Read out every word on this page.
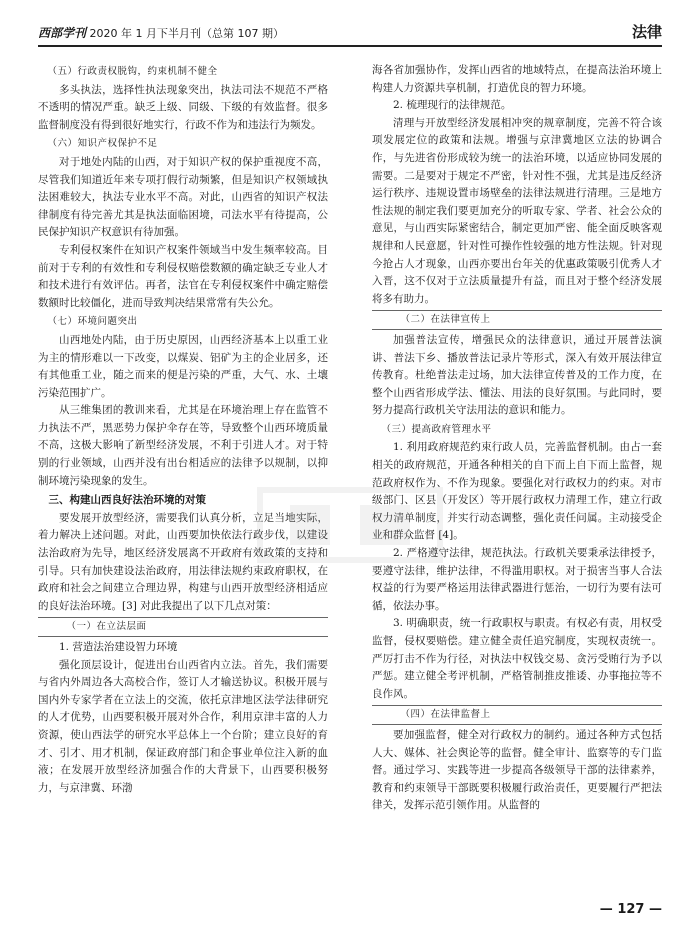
西部学刊 2020 年 1 月下半月刊（总第 107 期）	法律

（五）行政责权脱钩，约束机制不健全

多头执法，选择性执法现象突出，执法司法不规范不严格不透明的情况严重。缺乏上级、同级、下级的有效监督。很多监督制度没有得到很好地实行，行政不作为和违法行为频发。

（六）知识产权保护不足

对于地处内陆的山西，对于知识产权的保护重视度不高，尽管我们知道近年来专项打假行动频繁，但是知识产权领域执法困难较大，执法专业水平不高。对此，山西省的知识产权法律制度有待完善尤其是执法面临困境，司法水平有待提高，公民保护知识产权意识有待加强。

专利侵权案件在知识产权案件领域当中发生频率较高。目前对于专利的有效性和专利侵权赔偿数额的确定缺乏专业人才和技术进行有效评估。再者，法官在专利侵权案件中确定赔偿数额时比较僵化，进而导致判决结果常常有失公允。

（七）环境问题突出

山西地处内陆，由于历史原因，山西经济基本上以重工业为主的情形难以一下改变，以煤炭、铝矿为主的企业居多，还有其他重工业，随之而来的便是污染的严重，大气、水、土壤污染范围扩广。

从三维集团的教训来看，尤其是在环境治理上存在监管不力执法不严，黑恶势力保护伞存在等，导致整个山西环境质量不高，这极大影响了新型经济发展，不利于引进人才。对于特别的行业领域，山西并没有出台相适应的法律予以规制，以抑制环境污染现象的发生。

三、构建山西良好法治环境的对策

要发展开放型经济，需要我们认真分析，立足当地实际，着力解决上述问题。对此，山西要加快依法行政步伐，以建设法治政府为先导，地区经济发展离不开政府有效政策的支持和引导。只有加快建设法治政府，用法律法规约束政府职权，在政府和社会之间建立合理边界，构建与山西开放型经济相适应的良好法治环境。[3] 对此我提出了以下几点对策：

（一）在立法层面

1. 营造法治建设智力环境

强化顶层设计，促进出台山西省内立法。首先，我们需要与省内外周边各大高校合作，签订人才输送协议。积极开展与国内外专家学者在立法上的交流，依托京津地区法学法律研究的人才优势，山西要积极开展对外合作，利用京津丰富的人力资源，使山西法学的研究水平总体上一个台阶；建立良好的育才、引才、用才机制，保证政府部门和企事业单位注入新的血液；在发展开放型经济加强合作的大背景下，山西要积极努力，与京津冀、环渤

海各省加强协作，发挥山西省的地域特点，在提高法治环境上构建人力资源共享机制，打造优良的智力环境。

2. 梳理现行的法律规范。

清理与开放型经济发展相冲突的规章制度，完善不符合该项发展定位的政策和法规。增强与京津冀地区立法的协调合作，与先进省份形成较为统一的法治环境，以适应协同发展的需要。二是要对于规定不严密，针对性不强，尤其是违反经济运行秩序、违规设置市场壁垒的法律法规进行清理。三是地方性法规的制定我们要更加充分的听取专家、学者、社会公众的意见，与山西实际紧密结合，制定更加严密、能全面反映客观规律和人民意愿，针对性可操作性较强的地方性法规。针对现今抢占人才现象，山西亦要出台年关的优惠政策吸引优秀人才入晋，这不仅对于立法质量提升有益，而且对于整个经济发展将多有助力。

（二）在法律宣传上

加强普法宣传，增强民众的法律意识，通过开展普法演讲、普法下乡、播放普法记录片等形式，深入有效开展法律宣传教育。杜绝普法走过场，加大法律宣传普及的工作力度，在整个山西省形成学法、懂法、用法的良好氛围。与此同时，要努力提高行政机关守法用法的意识和能力。

（三）提高政府管理水平

1. 利用政府规范约束行政人员，完善监督机制。由占一套相关的政府规范，开通各种相关的自下而上自下而上监督，规范政府权作为、不作为现象。要强化对行政权力的约束。对市级部门、区县（开发区）等开展行政权力清理工作，建立行政权力清单制度，并实行动态调整，强化责任问属。主动接受企业和群众监督 [4]。

2. 严格遵守法律，规范执法。行政机关要秉承法律授予，要遵守法律，维护法律，不得滥用职权。对于损害当事人合法权益的行为要严格运用法律武器进行惩治，一切行为要有法可循，依法办事。

3. 明确职责，统一行政职权与职责。有权必有责，用权受监督，侵权要赔偿。建立健全责任追究制度，实现权责统一。严厉打击不作为行径，对执法中权钱交易、贪污受贿行为予以严惩。建立健全考评机制，严格管制推皮推诿、办事拖拉等不良作风。

（四）在法律监督上

要加强监督，健全对行政权力的制约。通过各种方式包括人大、媒体、社会舆论等的监督。健全审计、监察等的专门监督。通过学习、实践等进一步提高各级领导干部的法律素养，教育和约束领导干部既要积极履行政治责任，更要履行严把法律关，发挥示范引领作用。从监督的

— 127 —
